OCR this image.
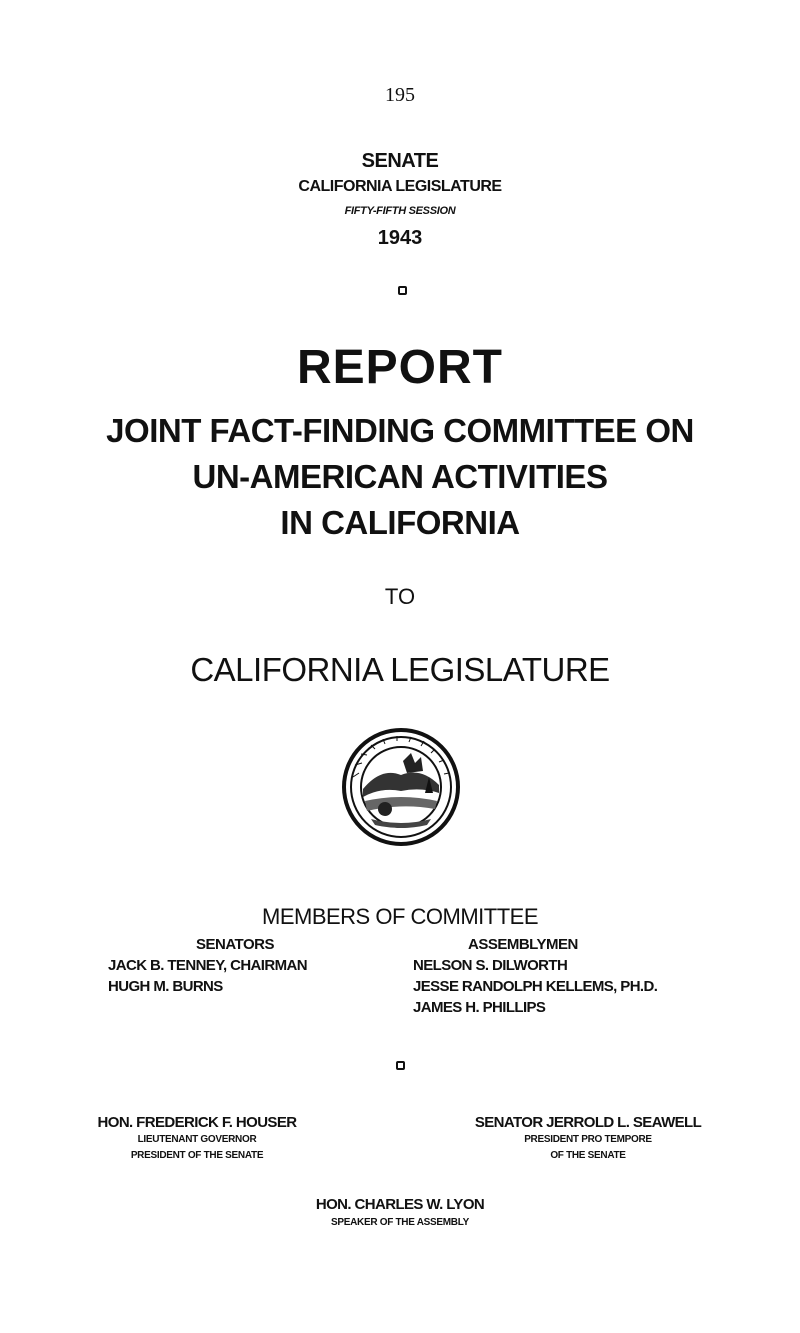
195
SENATE
CALIFORNIA LEGISLATURE
FIFTY-FIFTH SESSION
1943
REPORT
JOINT FACT-FINDING COMMITTEE ON
UN-AMERICAN ACTIVITIES
IN CALIFORNIA
TO
CALIFORNIA LEGISLATURE
MEMBERS OF COMMITTEE
SENATORS	ASSEMBLYMEN
JACK B. TENNEY, CHAIRMAN
HUGH M. BURNS
NELSON S. DILWORTH
JESSE RANDOLPH KELLEMS, PH.D.
JAMES H. PHILLIPS
HON. FREDERICK F. HOUSER
LIEUTENANT GOVERNOR
PRESIDENT OF THE SENATE
SENATOR JERROLD L. SEAWELL
PRESIDENT PRO TEMPORE
OF THE SENATE
HON. CHARLES W. LYON
SPEAKER OF THE ASSEMBLY
